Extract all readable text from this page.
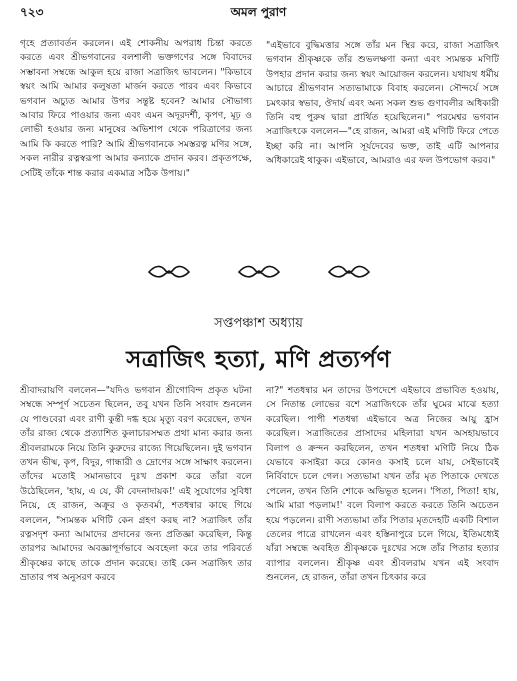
৭২৩	অমল পুরাণ

গৃহে প্রত্যাবর্তন করলেন। এই শোকনীয় অপরাধ চিন্তা করতে করতে এবং শ্রীভগবানের বলশালী ভক্তগণের সঙ্গে বিবাদের সম্ভাবনা সম্বন্ধে আকুল হয়ে রাজা সত্রাজিৎ ভাবলেন। "কিভাবে স্বয়ং আমি আমার কলুষতা মার্জন করতে পারব এবং কিভাবে ভগবান অচ্যুত আমার উপর সন্তুষ্ট হবেন? আমার সৌভাগ্য আবার ফিরে পাওয়ার জন্য এবং এমন অদূরদর্শী, কৃপণ, মূঢ় ও লোভী হওয়ার জন্য মানুষের অভিশাপ থেকে পরিত্রাণের জন্য আমি কি করতে পারি? আমি শ্রীভগবানকে সমস্তরত্ন মণির সঙ্গে, সকল নারীর রত্নস্বরূপা আমার কন্যাকে প্রদান করব। প্রকৃতপক্ষে, সেটিই তাঁকে শান্ত করার একমাত্র সঠিক উপায়।"

"এইভাবে বুদ্ধিমত্তার সঙ্গে তাঁর মন স্থির করে, রাজা সত্রাজিৎ ভগবান শ্রীকৃষ্ণকে তাঁর শুভলক্ষণা কন্যা এবং স্যমন্তক মণিটি উপহার প্রদান করার জন্য স্বয়ং আয়োজন করলেন। যথাযথ ধর্মীয় আচারে শ্রীভগবান সত্যভামাকে বিবাহ করলেন। সৌন্দর্যে সঙ্গে চমৎকার স্বভাব, ঔদার্য এবং অন্য সকল শুভ গুণাবলীর অধিকারী তিনি বহু পুরুষ দ্বারা প্রার্থিত হয়েছিলেন।" পরমেশ্বর ভগবান সত্রাজিৎকে বললেন—"হে রাজন, আমরা এই মণিটি ফিরে পেতে ইচ্ছা করি না। আপনি সূর্যদেবের ভক্ত, তাই এটি আপনার অধিকারেই থাকুক। এইভাবে, আমরাও এর ফল উপভোগ করব।"

সপ্তপঞ্চাশ অধ্যায়
সত্রাজিৎ হত্যা, মণি প্রত্যর্পণ

শ্রীবাদরায়ণি বললেন—"যদিও ভগবান শ্রীগোবিন্দ প্রকৃত ঘটনা সম্বন্ধে সম্পূর্ণ সচেতন ছিলেন, তবু যখন তিনি সংবাদ শুনলেন যে পাণ্ডবেরা এবং রাণী কুন্তী দগ্ধ হয়ে মৃত্যু বরণ করেছেন, তখন তাঁর রাজ্য থেকে প্রত্যাশিত কুলাচারসম্মত প্রথা মান্য করার জন্য শ্রীবলরামকে নিয়ে তিনি কুরুদের রাজ্যে গিয়েছিলেন। দুই ভগবান তখন ভীষ্ম, কৃপ, বিদুর, গান্ধারী ও দ্রোণের সঙ্গে সাক্ষাৎ করলেন। তাঁদের মতোই সমানভাবে দুঃখ প্রকাশ করে তাঁরা বলে উঠেছিলেন, 'হায়, এ যে, কী বেদনাদায়ক!' এই সুযোগের সুবিধা নিয়ে, হে রাজন, অক্রূর ও কৃতবর্মা, শতধন্বার কাছে গিয়ে বললেন, "স্যমন্তক মণিটি কেন গ্রহণ করছ না? সত্রাজিৎ তাঁর রত্নসদৃশ কন্যা আমাদের প্রদানের জন্য প্রতিজ্ঞা করেছিল, কিন্তু তারপর আমাদের অবজ্ঞাপূর্ণভাবে অবহেলা করে তার পরিবর্তে শ্রীকৃষ্ণের কাছে তাকে প্রদান করেছে। তাই কেন সত্রাজিৎ তার ভ্রাতার পথ অনুসরণ করবে

না?" শতধন্বার মন তাদের উপদেশে এইভাবে প্রভাবিত হওয়ায়, সে নিতান্ত লোভের বশে সত্রাজিৎকে তাঁর ঘুমের মাঝে হত্যা করেছিল। পাপী শতধন্বা এইভাবে অত্র নিজের আয়ু হ্রাস করেছিল। সত্রাজিতের প্রাসাদের মহিলারা যখন অসহায়ভাবে বিলাপ ও ক্রন্দন করছিলেন, তখন শতধন্বা মণিটি নিয়ে ঠিক যেভাবে কসাইরা করে কোনও কসাই চলে যায়, সেইভাবেই নির্বিবাদে চলে গেল। সত্যভামা যখন তাঁর মৃত পিতাকে দেখতে পেলেন, তখন তিনি শোকে অভিভূত হলেন। 'পিতা, পিতা! হায়, আমি মারা পড়লাম!' বলে বিলাপ করতে করতে তিনি অচেতন হয়ে পড়লেন। রাণী সত্যভামা তাঁর পিতার মৃতদেহটি একটি বিশাল তেলের পাত্রে রাখলেন এবং হস্তিনাপুরে চলে গিয়ে, ইতিমধ্যেই যাঁরা সম্বন্ধে অবহিত শ্রীকৃষ্ণকে দুঃখের সঙ্গে তাঁর পিতার হত্যার ব্যাপার বললেন। শ্রীকৃষ্ণ এবং শ্রীবলরাম যখন এই সংবাদ শুনলেন, হে রাজন, তাঁরা তখন চিৎকার করে
